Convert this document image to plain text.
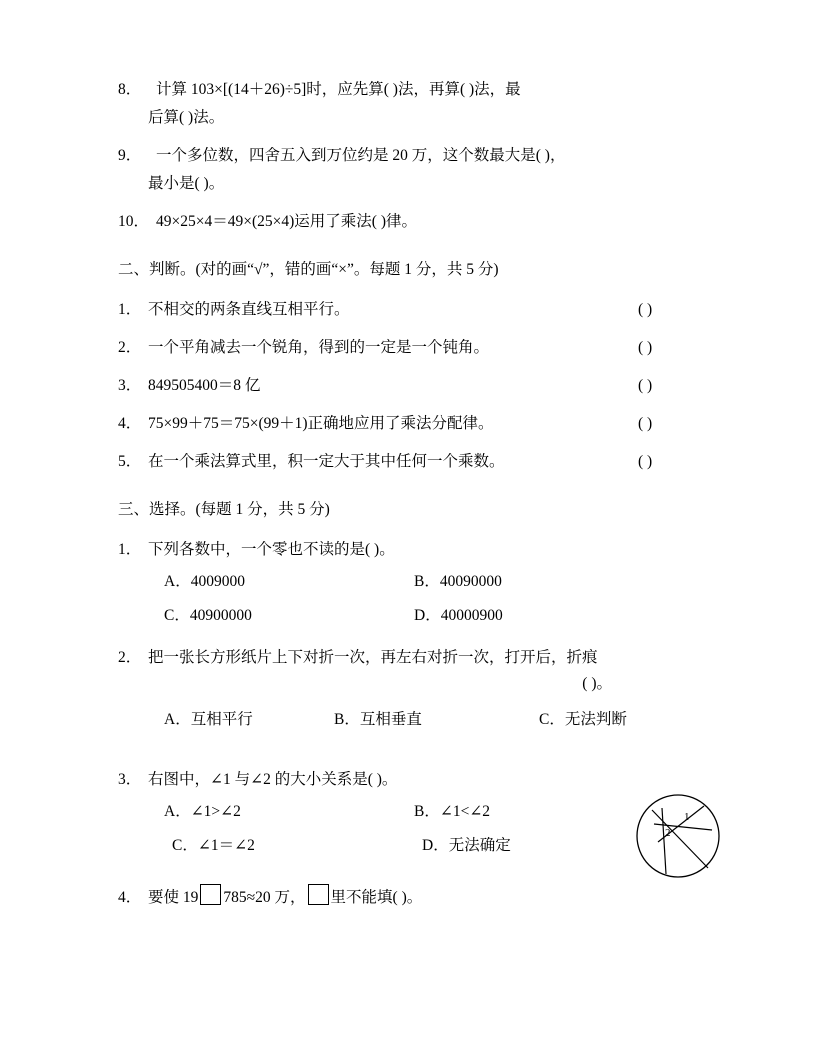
8． 计算 103×[(14＋26)÷5]时，应先算( )法，再算( )法，最
后算( )法。
9． 一个多位数，四舍五入到万位约是 20 万，这个数最大是( )，
最小是( )。
10． 49×25×4＝49×(25×4)运用了乘法( )律。
二、判断。(对的画“√”，错的画“×”。每题 1 分，共 5 分)
1． 不相交的两条直线互相平行。	( )
2． 一个平角减去一个锐角，得到的一定是一个钝角。	( )
3． 849505400＝8 亿	( )
4． 75×99＋75＝75×(99＋1)正确地应用了乘法分配律。	( )
5． 在一个乘法算式里，积一定大于其中任何一个乘数。	( )
三、选择。(每题 1 分，共 5 分)
1． 下列各数中，一个零也不读的是( )。
A．4009000	B．40090000
C．40900000	D．40000900
2． 把一张长方形纸片上下对折一次，再左右对折一次，打开后，折痕
( )。
A．互相平行	B．互相垂直	C．无法判断
3． 右图中，∠1 与∠2 的大小关系是( )。
A．∠1>∠2	B．∠1<∠2
C．∠1＝∠2	D．无法确定
4． 要使 19 785≈20 万， 里不能填( )。
1
2
